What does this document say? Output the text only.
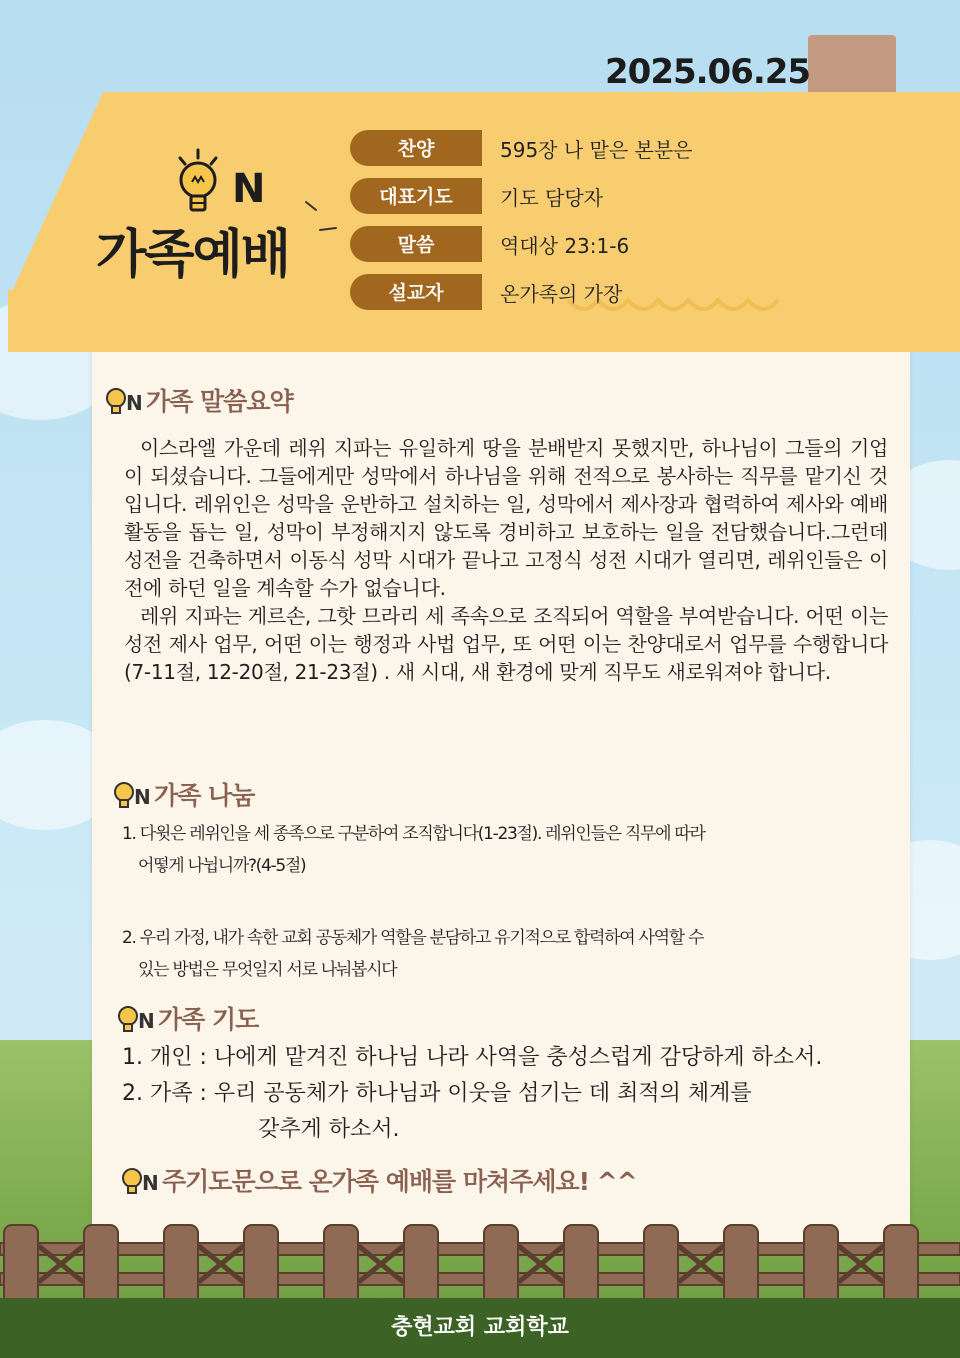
2025.06.25
N
가족예배
찬양	595장 나 맡은 본분은
대표기도	기도 담당자
말씀	역대상 23:1-6
설교자	온가족의 가장
N 가족 말씀요약

이스라엘 가운데 레위 지파는 유일하게 땅을 분배받지 못했지만, 하나님이 그들의 기업이 되셨습니다. 그들에게만 성막에서 하나님을 위해 전적으로 봉사하는 직무를 맡기신 것입니다. 레위인은 성막을 운반하고 설치하는 일, 성막에서 제사장과 협력하여 제사와 예배 활동을 돕는 일, 성막이 부정해지지 않도록 경비하고 보호하는 일을 전담했습니다.그런데 성전을 건축하면서 이동식 성막 시대가 끝나고 고정식 성전 시대가 열리면, 레위인들은 이전에 하던 일을 계속할 수가 없습니다.

레위 지파는 게르손, 그핫 므라리 세 족속으로 조직되어 역할을 부여받습니다. 어떤 이는 성전 제사 업무, 어떤 이는 행정과 사법 업무, 또 어떤 이는 찬양대로서 업무를 수행합니다(7-11절, 12-20절, 21-23절) . 새 시대, 새 환경에 맞게 직무도 새로워져야 합니다.

N 가족 나눔
1. 다윗은 레위인을 세 종족으로 구분하여 조직합니다(1-23절). 레위인들은 직무에 따라
어떻게 나뉩니까?(4-5절)
2. 우리 가정, 내가 속한 교회 공동체가 역할을 분담하고 유기적으로 합력하여 사역할 수
있는 방법은 무엇일지 서로 나눠봅시다
N 가족 기도
1. 개인 : 나에게 맡겨진 하나님 나라 사역을 충성스럽게 감당하게 하소서.
2. 가족 : 우리 공동체가 하나님과 이웃을 섬기는 데 최적의 체계를
갖추게 하소서.
N 주기도문으로 온가족 예배를 마쳐주세요! ^^
충현교회 교회학교
